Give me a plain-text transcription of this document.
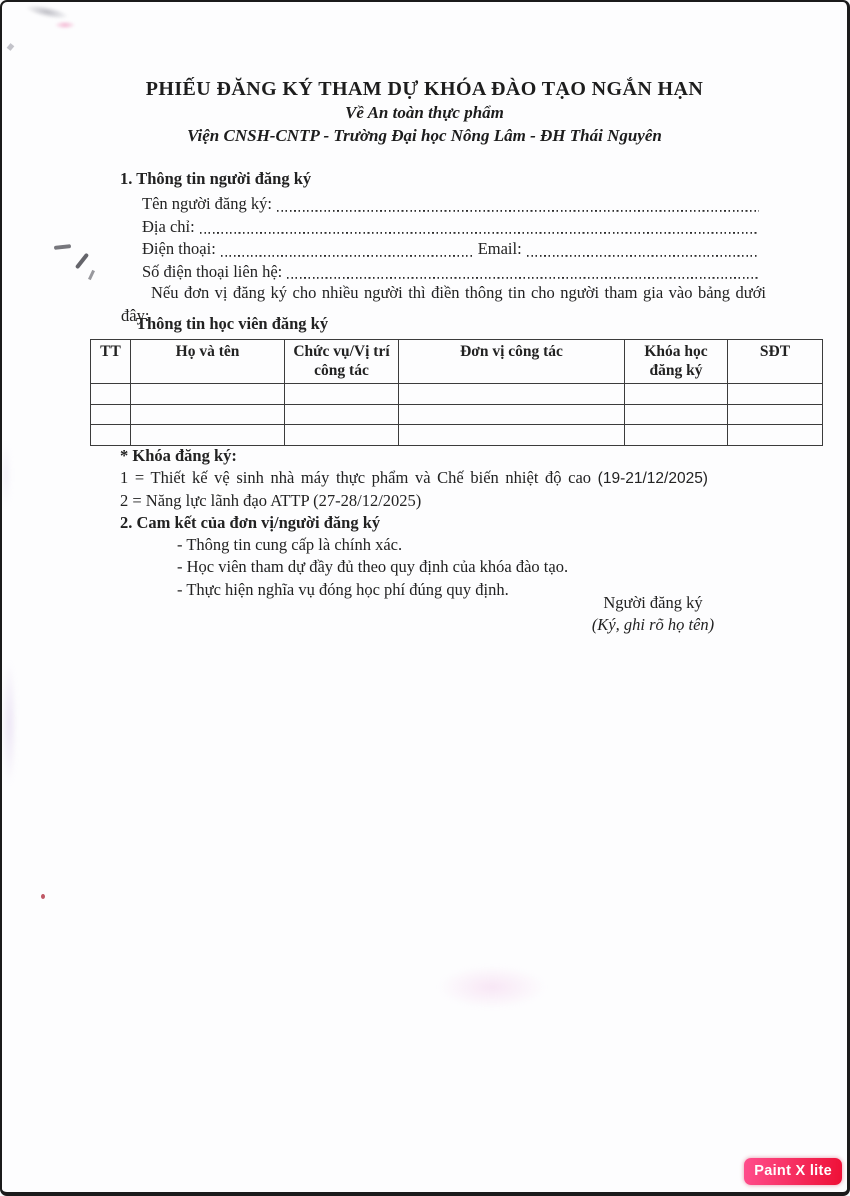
PHIẾU ĐĂNG KÝ THAM DỰ KHÓA ĐÀO TẠO NGẮN HẠN
Về An toàn thực phẩm
Viện CNSH-CNTP - Trường Đại học Nông Lâm - ĐH Thái Nguyên
1. Thông tin người đăng ký
Tên người đăng ký:
Địa chỉ:
Điện thoại:	Email:
Số điện thoại liên hệ:

Nếu đơn vị đăng ký cho nhiều người thì điền thông tin cho người tham gia vào bảng dưới đây:

Thông tin học viên đăng ký
TT	Họ và tên	Chức vụ/Vị trí công tác	Đơn vị công tác	Khóa học đăng ký	SĐT

* Khóa đăng ký:
1 = Thiết kế vệ sinh nhà máy thực phẩm và Chế biến nhiệt độ cao (19-21/12/2025)
2 = Năng lực lãnh đạo ATTP (27-28/12/2025)
2. Cam kết của đơn vị/người đăng ký
- Thông tin cung cấp là chính xác.
- Học viên tham dự đầy đủ theo quy định của khóa đào tạo.
- Thực hiện nghĩa vụ đóng học phí đúng quy định.
Người đăng ký
(Ký, ghi rõ họ tên)
Paint X lite
